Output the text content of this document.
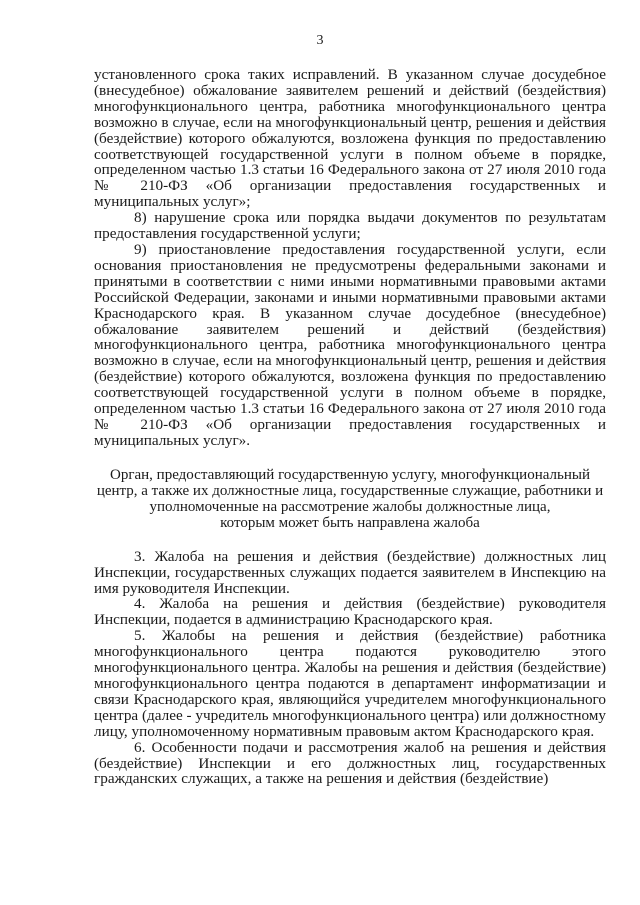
3

установленного срока таких исправлений. В указанном случае досудебное (внесудебное) обжалование заявителем решений и действий (бездействия) многофункционального центра, работника многофункционального центра возможно в случае, если на многофункциональный центр, решения и действия (бездействие) которого обжалуются, возложена функция по предоставлению соответствующей государственной услуги в полном объеме в порядке, определенном частью 1.3 статьи 16 Федерального закона от 27 июля 2010 года № 210-ФЗ «Об организации предоставления государственных и муниципальных услуг»;

8) нарушение срока или порядка выдачи документов по результатам предоставления государственной услуги;

9) приостановление предоставления государственной услуги, если основания приостановления не предусмотрены федеральными законами и принятыми в соответствии с ними иными нормативными правовыми актами Российской Федерации, законами и иными нормативными правовыми актами Краснодарского края. В указанном случае досудебное (внесудебное) обжалование заявителем решений и действий (бездействия) многофункционального центра, работника многофункционального центра возможно в случае, если на многофункциональный центр, решения и действия (бездействие) которого обжалуются, возложена функция по предоставлению соответствующей государственной услуги в полном объеме в порядке, определенном частью 1.3 статьи 16 Федерального закона от 27 июля 2010 года № 210-ФЗ «Об организации предоставления государственных и муниципальных услуг».

Орган, предоставляющий государственную услугу, многофункциональный
центр, а также их должностные лица, государственные служащие, работники и
уполномоченные на рассмотрение жалобы должностные лица,
которым может быть направлена жалоба

3. Жалоба на решения и действия (бездействие) должностных лиц Инспекции, государственных служащих подается заявителем в Инспекцию на имя руководителя Инспекции.

4. Жалоба на решения и действия (бездействие) руководителя Инспекции, подается в администрацию Краснодарского края.

5. Жалобы на решения и действия (бездействие) работника многофункционального центра подаются руководителю этого многофункционального центра. Жалобы на решения и действия (бездействие) многофункционального центра подаются в департамент информатизации и связи Краснодарского края, являющийся учредителем многофункционального центра (далее - учредитель многофункционального центра) или должностному лицу, уполномоченному нормативным правовым актом Краснодарского края.

6. Особенности подачи и рассмотрения жалоб на решения и действия (бездействие) Инспекции и его должностных лиц, государственных гражданских служащих, а также на решения и действия (бездействие)
